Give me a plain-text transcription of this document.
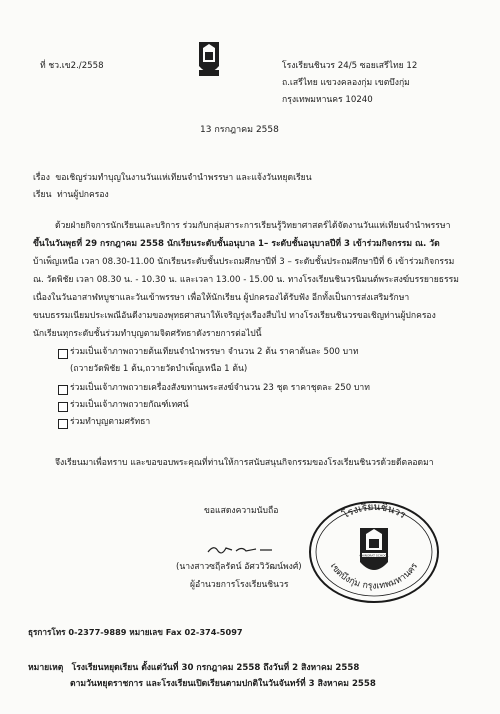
ที่ ชว.เข2./2558	โรงเรียนชินวร 24/5 ซอยเสรีไทย 12
ถ.เสรีไทย แขวงคลองกุ่ม เขตบึงกุ่ม
กรุงเทพมหานคร 10240
13 กรกฎาคม 2558
เรื่อง ขอเชิญร่วมทำบุญในงานวันแห่เทียนจำนำพรรษา และแจ้งวันหยุดเรียน
เรียน ท่านผู้ปกครอง
ด้วยฝ่ายกิจการนักเรียนและบริการ ร่วมกับกลุ่มสาระการเรียนรู้วิทยาศาสตร์ได้จัดงานวันแห่เทียนจำนำพรรษา
ขึ้นในวันพุธที่ 29 กรกฎาคม 2558 นักเรียนระดับชั้นอนุบาล 1– ระดับชั้นอนุบาลปีที่ 3 เข้าร่วมกิจกรรม ณ. วัด
บ้าเพ็ญเหนือ เวลา 08.30-11.00 นักเรียนระดับชั้นประถมศึกษาปีที่ 3 – ระดับชั้นประถมศึกษาปีที่ 6 เข้าร่วมกิจกรรม
ณ. วัดพิชัย เวลา 08.30 น. - 10.30 น. และเวลา 13.00 - 15.00 น. ทางโรงเรียนชินวรนิมนต์พระสงฆ์บรรยายธรรม
เนื่องในวันอาสาฬหบูชาและวันเข้าพรรษา เพื่อให้นักเรียน ผู้ปกครองได้รับฟัง อีกทั้งเป็นการส่งเสริมรักษา
ขนบธรรมเนียมประเพณีอันดีงามของพุทธศาสนาให้เจริญรุ่งเรืองสืบไป ทางโรงเรียนชินวรขอเชิญท่านผู้ปกครอง
นักเรียนทุกระดับชั้นร่วมทำบุญตามจิตศรัทธาดังรายการต่อไปนี้
ร่วมเป็นเจ้าภาพถวายต้นเทียนจำนำพรรษา จำนวน 2 ต้น ราคาต้นละ 500 บาท
(ถวายวัดพิชัย 1 ต้น,ถวายวัดบำเพ็ญเหนือ 1 ต้น)
ร่วมเป็นเจ้าภาพถวายเครื่องสังฆทานพระสงฆ์จำนวน 23 ชุด ราคาชุดละ 250 บาท
ร่วมเป็นเจ้าภาพถวายกัณฑ์เทศน์
ร่วมทำบุญตามศรัทธา
จึงเรียนมาเพื่อทราบ และขอขอบพระคุณที่ท่านให้การสนับสนุนกิจกรรมของโรงเรียนชินวรด้วยดีตลอดมา
ขอแสดงความนับถือ
(นางสาวซฤีลรัตน์ อัศววิวัฒน์พงศ์)
ผู้อำนวยการโรงเรียนชินวร
โรงเรียนชินวร
เขตบึงกุ่ม กรุงเทพมหานคร
CHINORAT SCHOOL
ธุรการโทร 0-2377-9889 หมายเลข Fax 02-374-5097
หมายเหตุ โรงเรียนหยุดเรียน ตั้งแต่วันที่ 30 กรกฎาคม 2558 ถึงวันที่ 2 สิงหาคม 2558
ตามวันหยุดราชการ และโรงเรียนเปิดเรียนตามปกติในวันจันทร์ที่ 3 สิงหาคม 2558
